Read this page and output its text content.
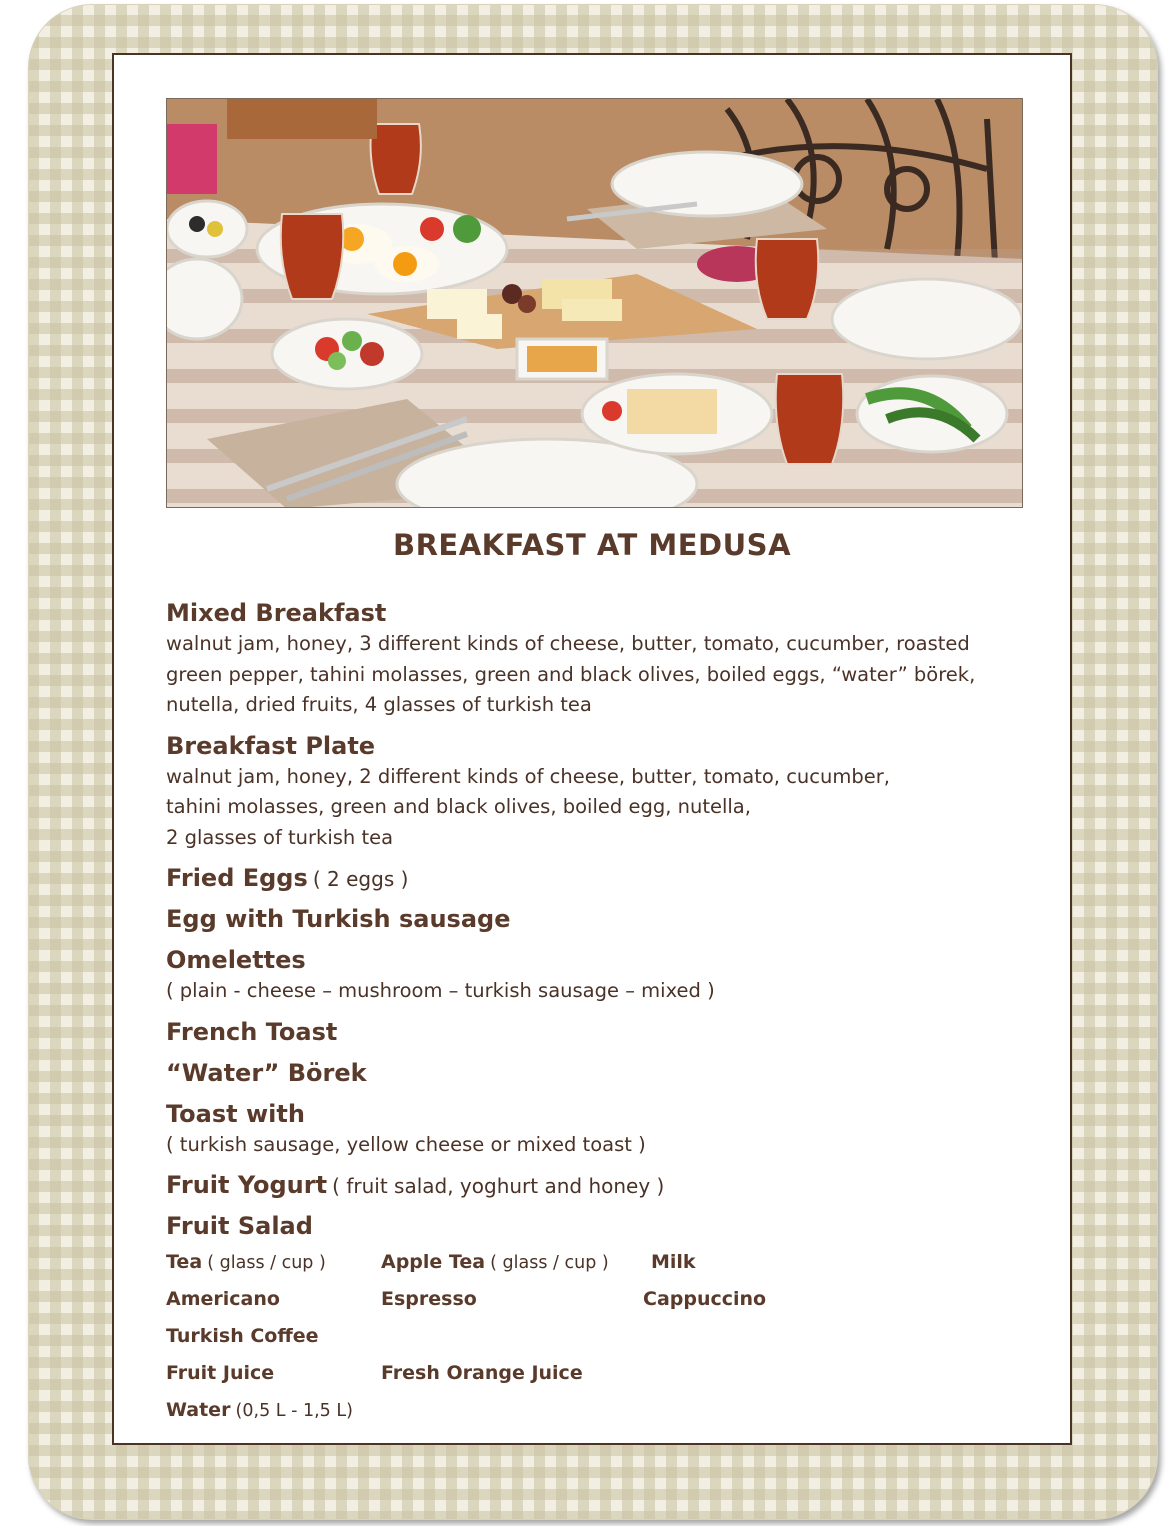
BREAKFAST AT MEDUSA
Mixed Breakfast
walnut jam, honey, 3 different kinds of cheese, butter, tomato, cucumber, roasted
green pepper, tahini molasses, green and black olives, boiled eggs, “water” börek,
nutella, dried fruits, 4 glasses of turkish tea
Breakfast Plate
walnut jam, honey, 2 different kinds of cheese, butter, tomato, cucumber,
tahini molasses, green and black olives, boiled egg, nutella,
2 glasses of turkish tea
Fried Eggs ( 2 eggs )
Egg with Turkish sausage
Omelettes
( plain - cheese – mushroom – turkish sausage – mixed )
French Toast
“Water” Börek
Toast with
( turkish sausage, yellow cheese or mixed toast )
Fruit Yogurt ( fruit salad, yoghurt and honey )
Fruit Salad
Tea ( glass / cup )	Apple Tea ( glass / cup ) Milk
Americano	Espresso	Cappuccino
Turkish Coffee
Fruit Juice	Fresh Orange Juice
Water (0,5 L - 1,5 L)
